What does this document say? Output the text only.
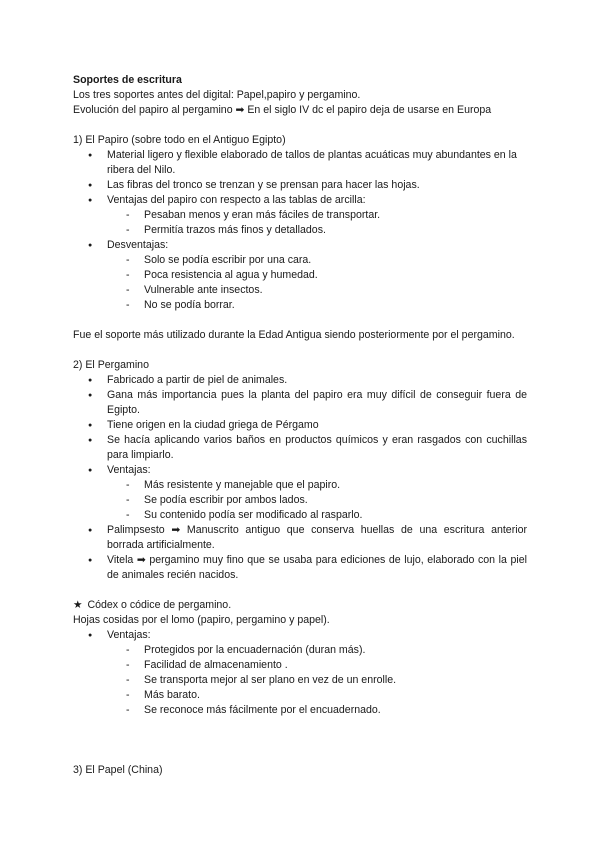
Soportes de escritura

Los tres soportes antes del digital: Papel,papiro y pergamino.

Evolución del papiro al pergamino ➡ En el siglo IV dc el papiro deja de usarse en Europa

1) El Papiro (sobre todo en el Antiguo Egipto)

● Material ligero y flexible elaborado de tallos de plantas acuáticas muy abundantes en la ribera del Nilo.
● Las fibras del tronco se trenzan y se prensan para hacer las hojas.
● Ventajas del papiro con respecto a las tablas de arcilla:
- Pesaban menos y eran más fáciles de transportar.
- Permitía trazos más finos y detallados.
● Desventajas:
- Solo se podía escribir por una cara.
- Poca resistencia al agua y humedad.
- Vulnerable ante insectos.
- No se podía borrar.

Fue el soporte más utilizado durante la Edad Antigua siendo posteriormente por el pergamino.

2) El Pergamino

● Fabricado a partir de piel de animales.
● Gana más importancia pues la planta del papiro era muy difícil de conseguir fuera de Egipto.
● Tiene origen en la ciudad griega de Pérgamo
● Se hacía aplicando varios baños en productos químicos y eran rasgados con cuchillas para limpiarlo.
● Ventajas:
- Más resistente y manejable que el papiro.
- Se podía escribir por ambos lados.
- Su contenido podía ser modificado al rasparlo.
● Palimpsesto ➡ Manuscrito antiguo que conserva huellas de una escritura anterior borrada artificialmente.
● Vitela ➡ pergamino muy fino que se usaba para ediciones de lujo, elaborado con la piel de animales recién nacidos.

★ Códex o códice de pergamino.

Hojas cosidas por el lomo (papiro, pergamino y papel).

● Ventajas:
- Protegidos por la encuadernación (duran más).
- Facilidad de almacenamiento .
- Se transporta mejor al ser plano en vez de un enrolle.
- Más barato.
- Se reconoce más fácilmente por el encuadernado.

3) El Papel (China)
